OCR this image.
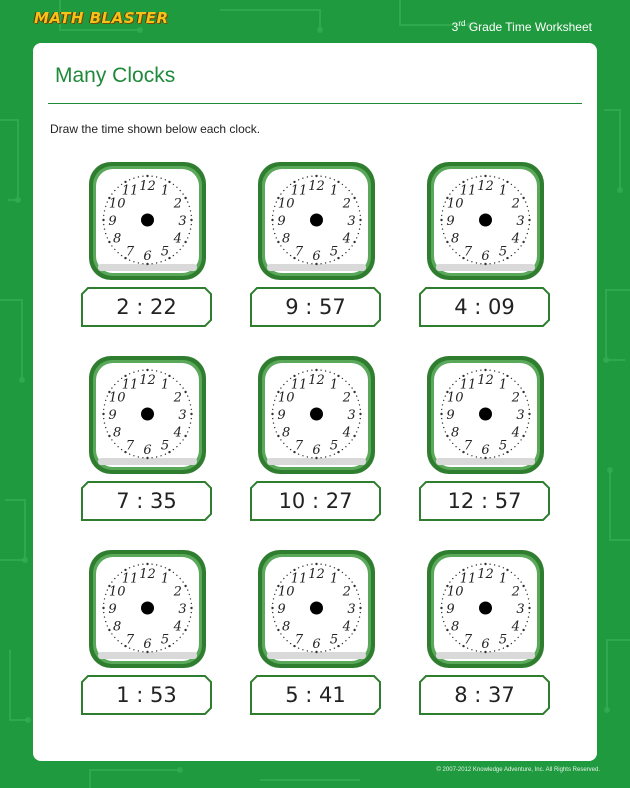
MATH BLASTER	3rd Grade Time Worksheet
Many Clocks
Draw the time shown below each clock.
12 1
2
3
4
5
6
7
8
9
10
11
2 : 22
12 1
2
3
4
5
6
7
8
9
10
11
9 : 57
12 1
2
3
4
5
6
7
8
9
10
11
4 : 09
12 1
2
3
4
5
6
7
8
9
10
11
7 : 35
12 1
2
3
4
5
6
7
8
9
10
11
10 : 27
12 1
2
3
4
5
6
7
8
9
10
11
12 : 57
12 1
2
3
4
5
6
7
8
9
10
11
1 : 53
12 1
2
3
4
5
6
7
8
9
10
11
5 : 41
12 1
2
3
4
5
6
7
8
9
10
11
8 : 37
© 2007-2012 Knowledge Adventure, Inc. All Rights Reserved.
